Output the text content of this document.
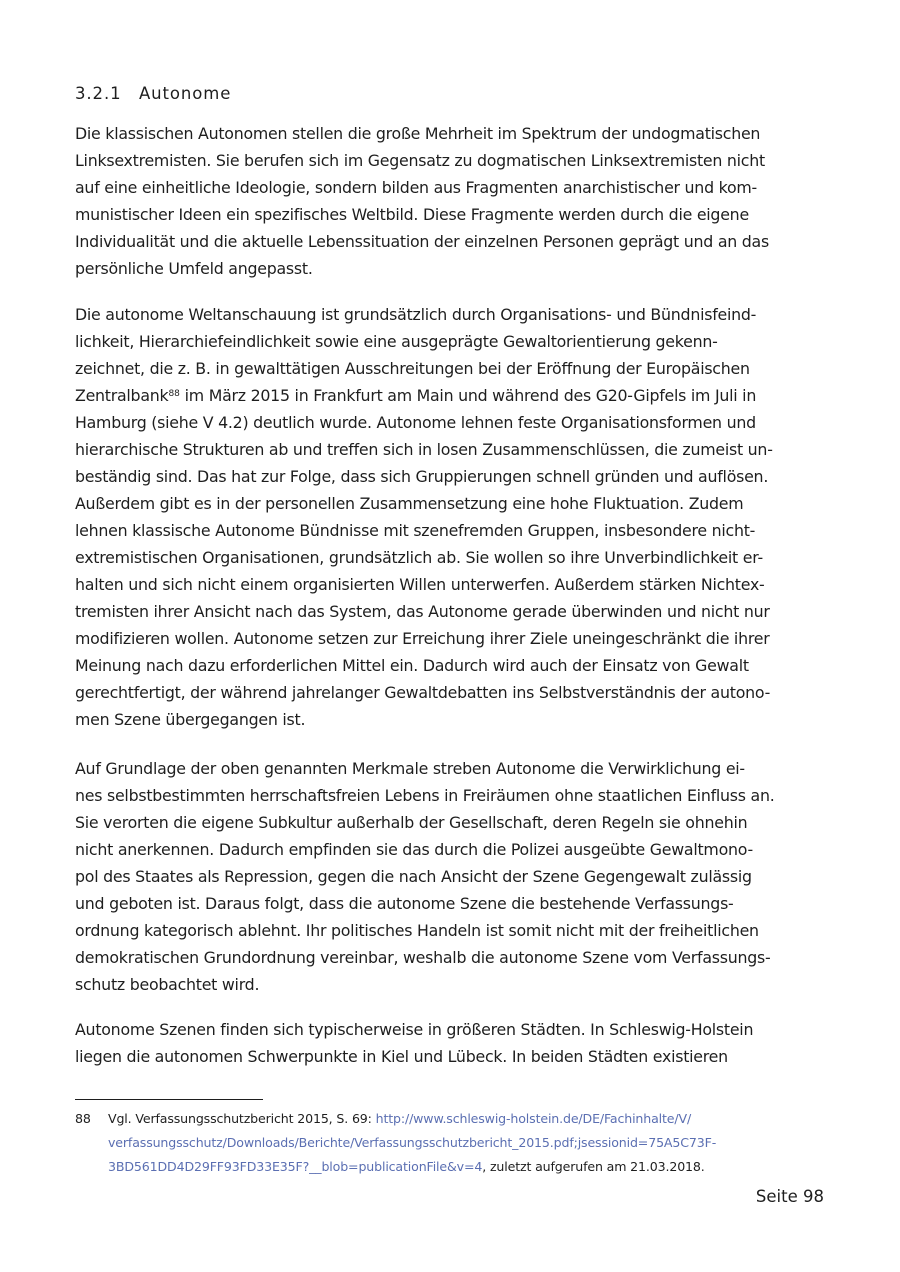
3.2.1 Autonome
Die klassischen Autonomen stellen die große Mehrheit im Spektrum der undogmatischen
Linksextremisten. Sie berufen sich im Gegensatz zu dogmatischen Linksextremisten nicht
auf eine einheitliche Ideologie, sondern bilden aus Fragmenten anarchistischer und kom-
munistischer Ideen ein spezifisches Weltbild. Diese Fragmente werden durch die eigene
Individualität und die aktuelle Lebenssituation der einzelnen Personen geprägt und an das
persönliche Umfeld angepasst.
Die autonome Weltanschauung ist grundsätzlich durch Organisations- und Bündnisfeind-
lichkeit, Hierarchiefeindlichkeit sowie eine ausgeprägte Gewaltorientierung gekenn-
zeichnet, die z. B. in gewalttätigen Ausschreitungen bei der Eröffnung der Europäischen
Zentralbank$^{88}$ im März 2015 in Frankfurt am Main und während des G20-Gipfels im Juli in
Hamburg (siehe V 4.2) deutlich wurde. Autonome lehnen feste Organisationsformen und
hierarchische Strukturen ab und treffen sich in losen Zusammenschlüssen, die zumeist un-
beständig sind. Das hat zur Folge, dass sich Gruppierungen schnell gründen und auflösen.
Außerdem gibt es in der personellen Zusammensetzung eine hohe Fluktuation. Zudem
lehnen klassische Autonome Bündnisse mit szenefremden Gruppen, insbesondere nicht-
extremistischen Organisationen, grundsätzlich ab. Sie wollen so ihre Unverbindlichkeit er-
halten und sich nicht einem organisierten Willen unterwerfen. Außerdem stärken Nichtex-
tremisten ihrer Ansicht nach das System, das Autonome gerade überwinden und nicht nur
modifizieren wollen. Autonome setzen zur Erreichung ihrer Ziele uneingeschränkt die ihrer
Meinung nach dazu erforderlichen Mittel ein. Dadurch wird auch der Einsatz von Gewalt
gerechtfertigt, der während jahrelanger Gewaltdebatten ins Selbstverständnis der autono-
men Szene übergegangen ist.
Auf Grundlage der oben genannten Merkmale streben Autonome die Verwirklichung ei-
nes selbstbestimmten herrschaftsfreien Lebens in Freiräumen ohne staatlichen Einfluss an.
Sie verorten die eigene Subkultur außerhalb der Gesellschaft, deren Regeln sie ohnehin
nicht anerkennen. Dadurch empfinden sie das durch die Polizei ausgeübte Gewaltmono-
pol des Staates als Repression, gegen die nach Ansicht der Szene Gegengewalt zulässig
und geboten ist. Daraus folgt, dass die autonome Szene die bestehende Verfassungs-
ordnung kategorisch ablehnt. Ihr politisches Handeln ist somit nicht mit der freiheitlichen
demokratischen Grundordnung vereinbar, weshalb die autonome Szene vom Verfassungs-
schutz beobachtet wird.
Autonome Szenen finden sich typischerweise in größeren Städten. In Schleswig-Holstein
liegen die autonomen Schwerpunkte in Kiel und Lübeck. In beiden Städten existieren
88 Vgl. Verfassungsschutzbericht 2015, S. 69: http://www.schleswig-holstein.de/DE/Fachinhalte/V/
verfassungsschutz/Downloads/Berichte/Verfassungsschutzbericht_2015.pdf;jsessionid=75A5C73F-
3BD561DD4D29FF93FD33E35F?__blob=publicationFile&v=4, zuletzt aufgerufen am 21.03.2018.
Seite 98
